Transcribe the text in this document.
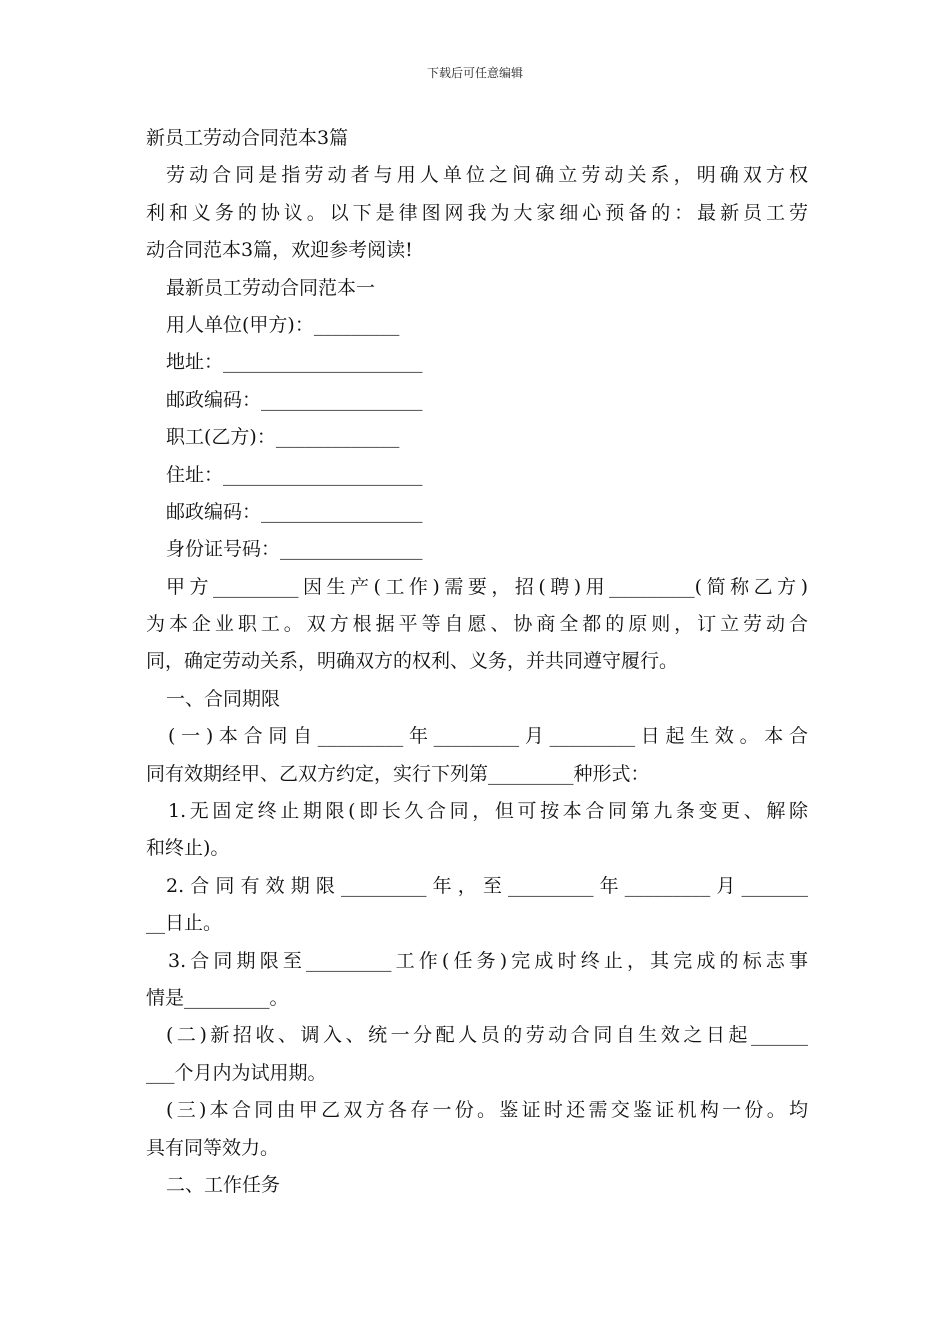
下载后可任意编辑
新员工劳动合同范本3篇
劳动合同是指劳动者与用人单位之间确立劳动关系，明确双方权
利和义务的协议。以下是律图网我为大家细心预备的：最新员工劳
动合同范本3篇，欢迎参考阅读!
最新员工劳动合同范本一
用人单位(甲方)：_________
地址：_____________________
邮政编码：_________________
职工(乙方)：_____________
住址：_____________________
邮政编码：_________________
身份证号码：_______________
甲方_________因生产(工作)需要，招(聘)用_________(简称乙方)
为本企业职工。双方根据平等自愿、协商全都的原则，订立劳动合
同，确定劳动关系，明确双方的权利、义务，并共同遵守履行。
一、合同期限
(一)本合同自_________年_________月_________日起生效。本合
同有效期经甲、乙双方约定，实行下列第_________种形式：
1.无固定终止期限(即长久合同，但可按本合同第九条变更、解除
和终止)。
2.合同有效期限_________年，至_________年_________月_______
__日止。
3.合同期限至_________工作(任务)完成时终止，其完成的标志事
情是_________。
(二)新招收、调入、统一分配人员的劳动合同自生效之日起______
___个月内为试用期。
(三)本合同由甲乙双方各存一份。鉴证时还需交鉴证机构一份。均
具有同等效力。
二、工作任务
